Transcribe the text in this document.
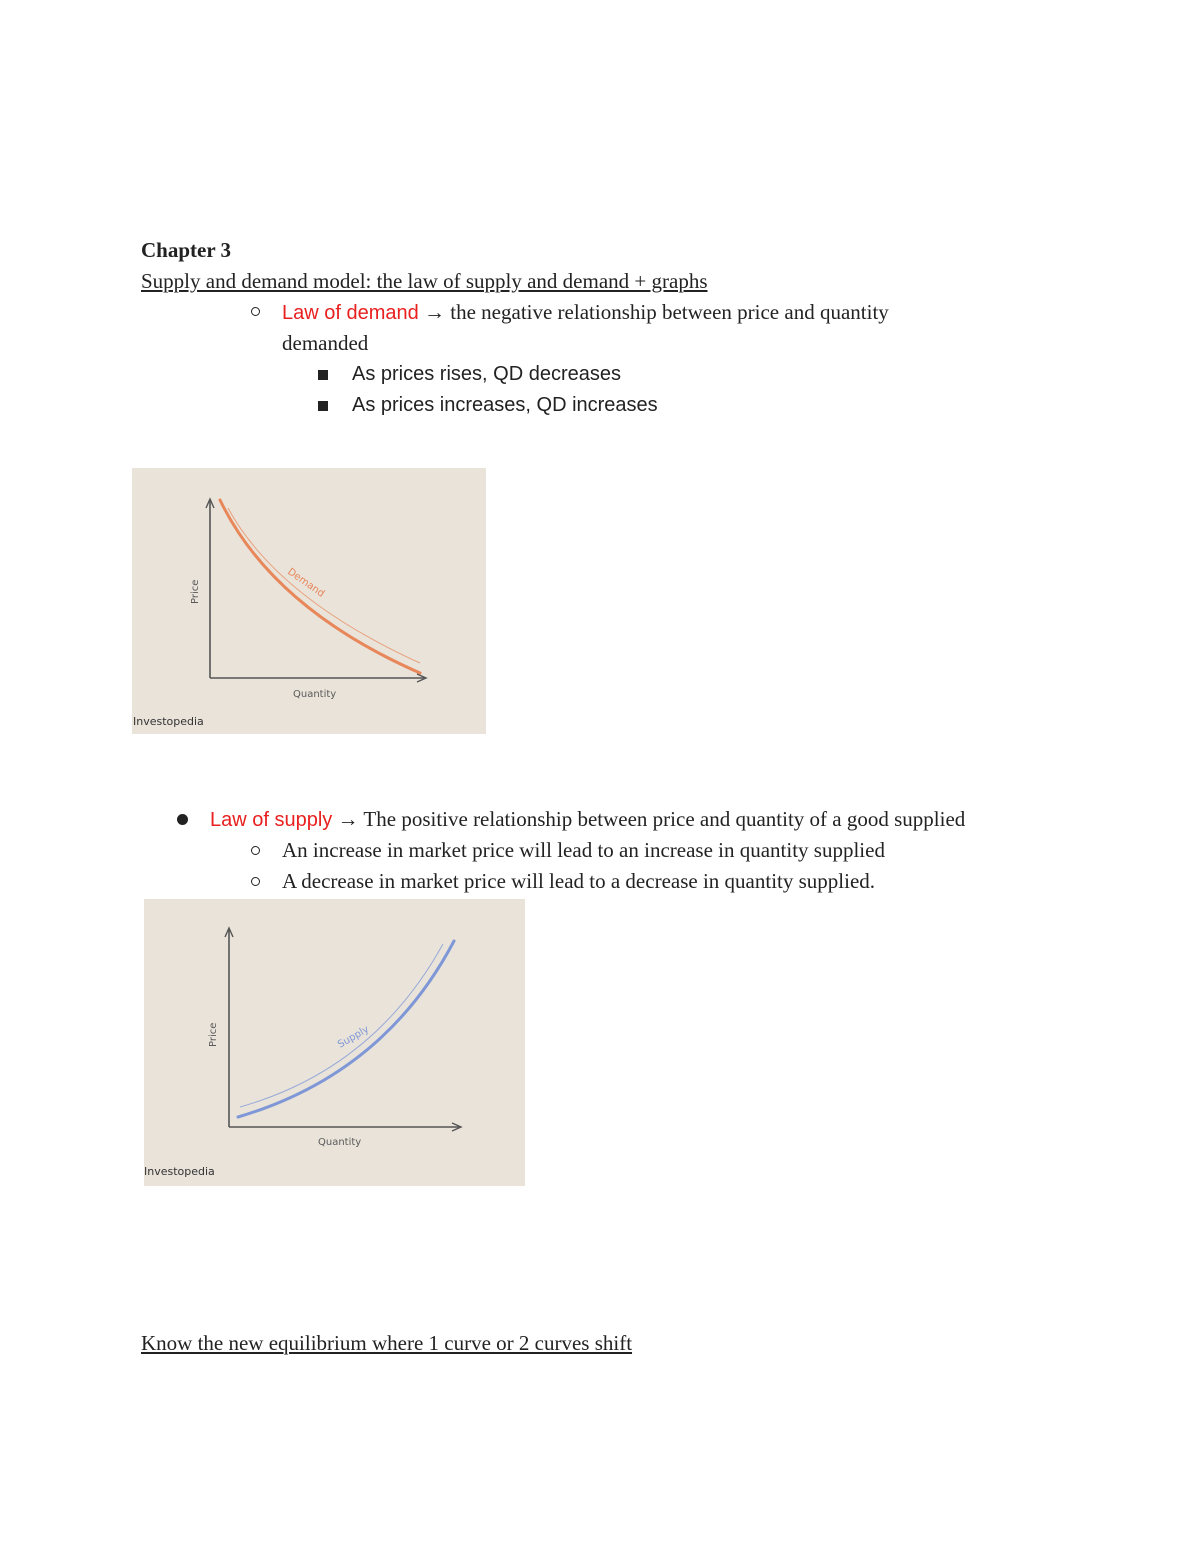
Chapter 3
Supply and demand model: the law of supply and demand + graphs
Law of demand → the negative relationship between price and quantity
demanded
As prices rises, QD decreases
As prices increases, QD increases
Demand
Price
Quantity
Investopedia
Law of supply → The positive relationship between price and quantity of a good supplied
An increase in market price will lead to an increase in quantity supplied
A decrease in market price will lead to a decrease in quantity supplied.
Supply
Price
Quantity
Investopedia
Know the new equilibrium where 1 curve or 2 curves shift
